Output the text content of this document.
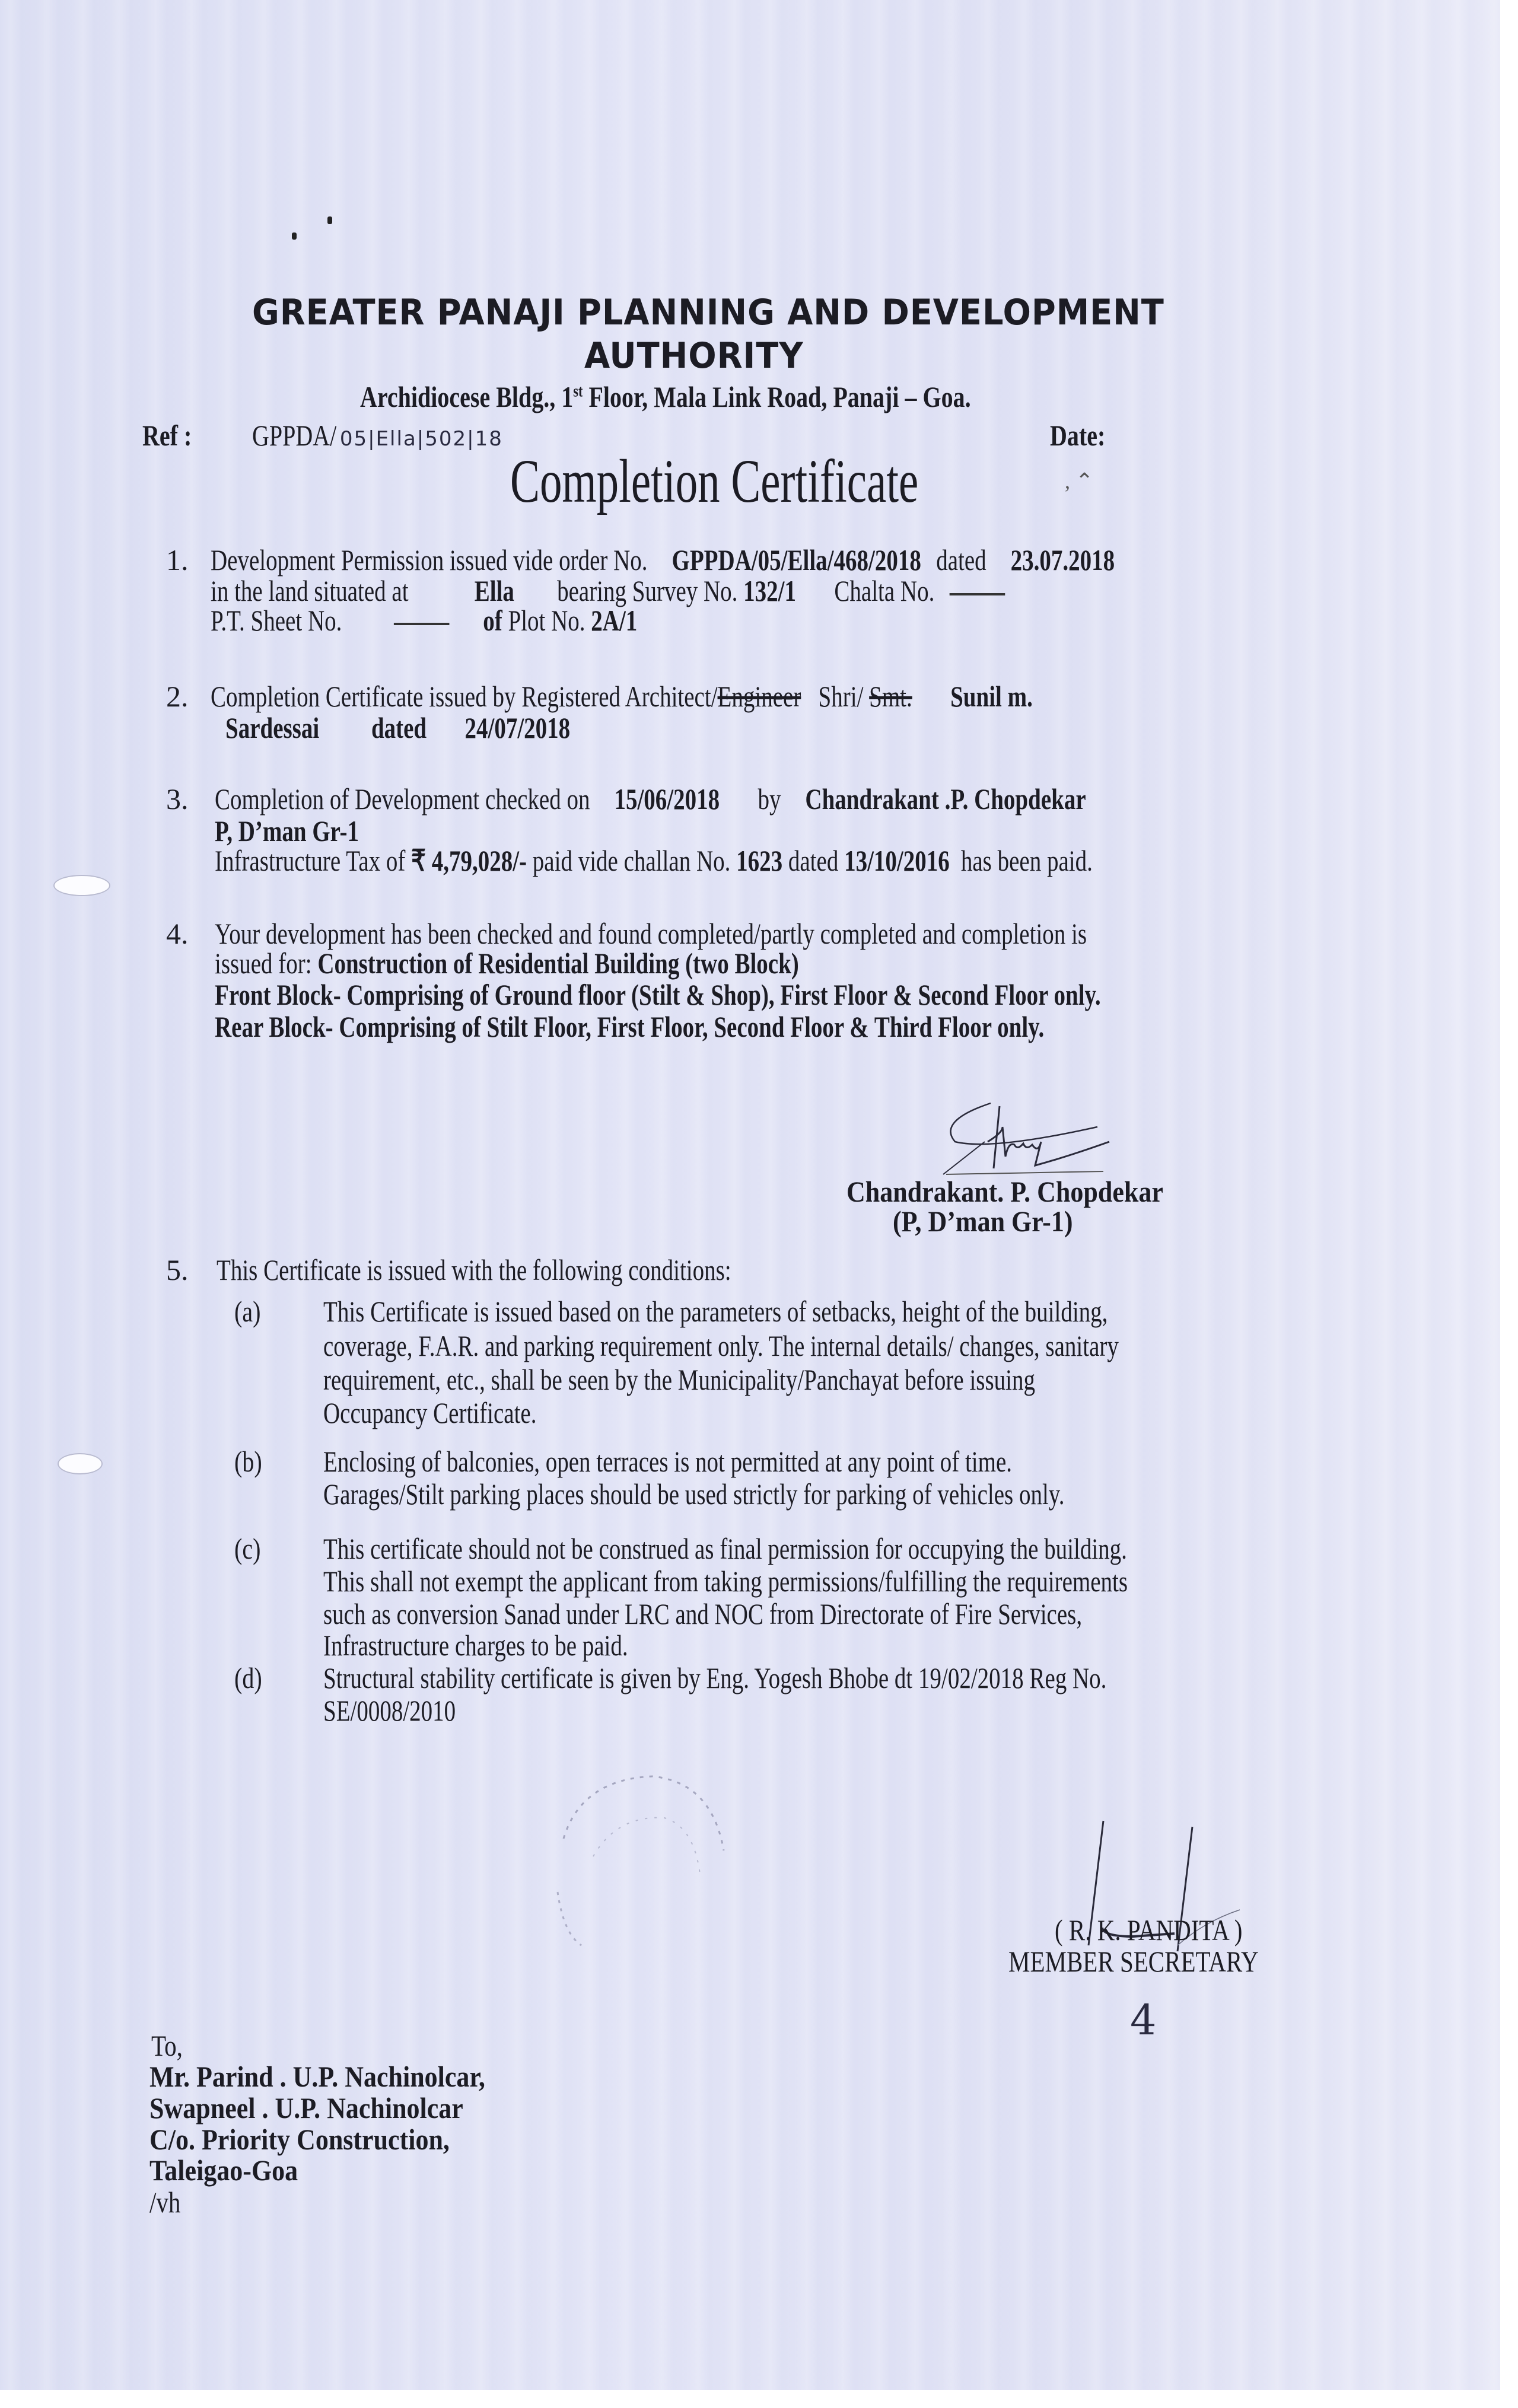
GREATER PANAJI PLANNING AND DEVELOPMENT
AUTHORITY
Archidiocese Bldg., 1st Floor, Mala Link Road, Panaji – Goa.
Ref : GPPDA/ 05|Ella|502|18	Date:
Completion Certificate	, ⌃
1. Development Permission issued vide order No. GPPDA/05/Ella/468/2018 dated 23.07.2018
in the land situated at Ella bearing Survey No. 132/1 Chalta No.
P.T. Sheet No.	of Plot No. 2A/1
2. Completion Certificate issued by Registered Architect/Engineer Shri/ Smt. Sunil m.
Sardessai dated 24/07/2018
3. Completion of Development checked on 15/06/2018 by Chandrakant .P. Chopdekar
P, D’man Gr-1
Infrastructure Tax of ₹ 4,79,028/- paid vide challan No. 1623 dated 13/10/2016 has been paid.
4. Your development has been checked and found completed/partly completed and completion is
issued for: Construction of Residential Building (two Block)
Front Block- Comprising of Ground floor (Stilt & Shop), First Floor & Second Floor only.
Rear Block- Comprising of Stilt Floor, First Floor, Second Floor & Third Floor only.
Chandrakant. P. Chopdekar
(P, D’man Gr-1)
5. This Certificate is issued with the following conditions:
(a) This Certificate is issued based on the parameters of setbacks, height of the building,
coverage, F.A.R. and parking requirement only. The internal details/ changes, sanitary
requirement, etc., shall be seen by the Municipality/Panchayat before issuing
Occupancy Certificate.
(b) Enclosing of balconies, open terraces is not permitted at any point of time.
Garages/Stilt parking places should be used strictly for parking of vehicles only.
(c) This certificate should not be construed as final permission for occupying the building.
This shall not exempt the applicant from taking permissions/fulfilling the requirements
such as conversion Sanad under LRC and NOC from Directorate of Fire Services,
Infrastructure charges to be paid.
(d) Structural stability certificate is given by Eng. Yogesh Bhobe dt 19/02/2018 Reg No.
SE/0008/2010
( R. K. PANDITA )
MEMBER SECRETARY
4
To,
Mr. Parind . U.P. Nachinolcar,
Swapneel . U.P. Nachinolcar
C/o. Priority Construction,
Taleigao-Goa
/vh
